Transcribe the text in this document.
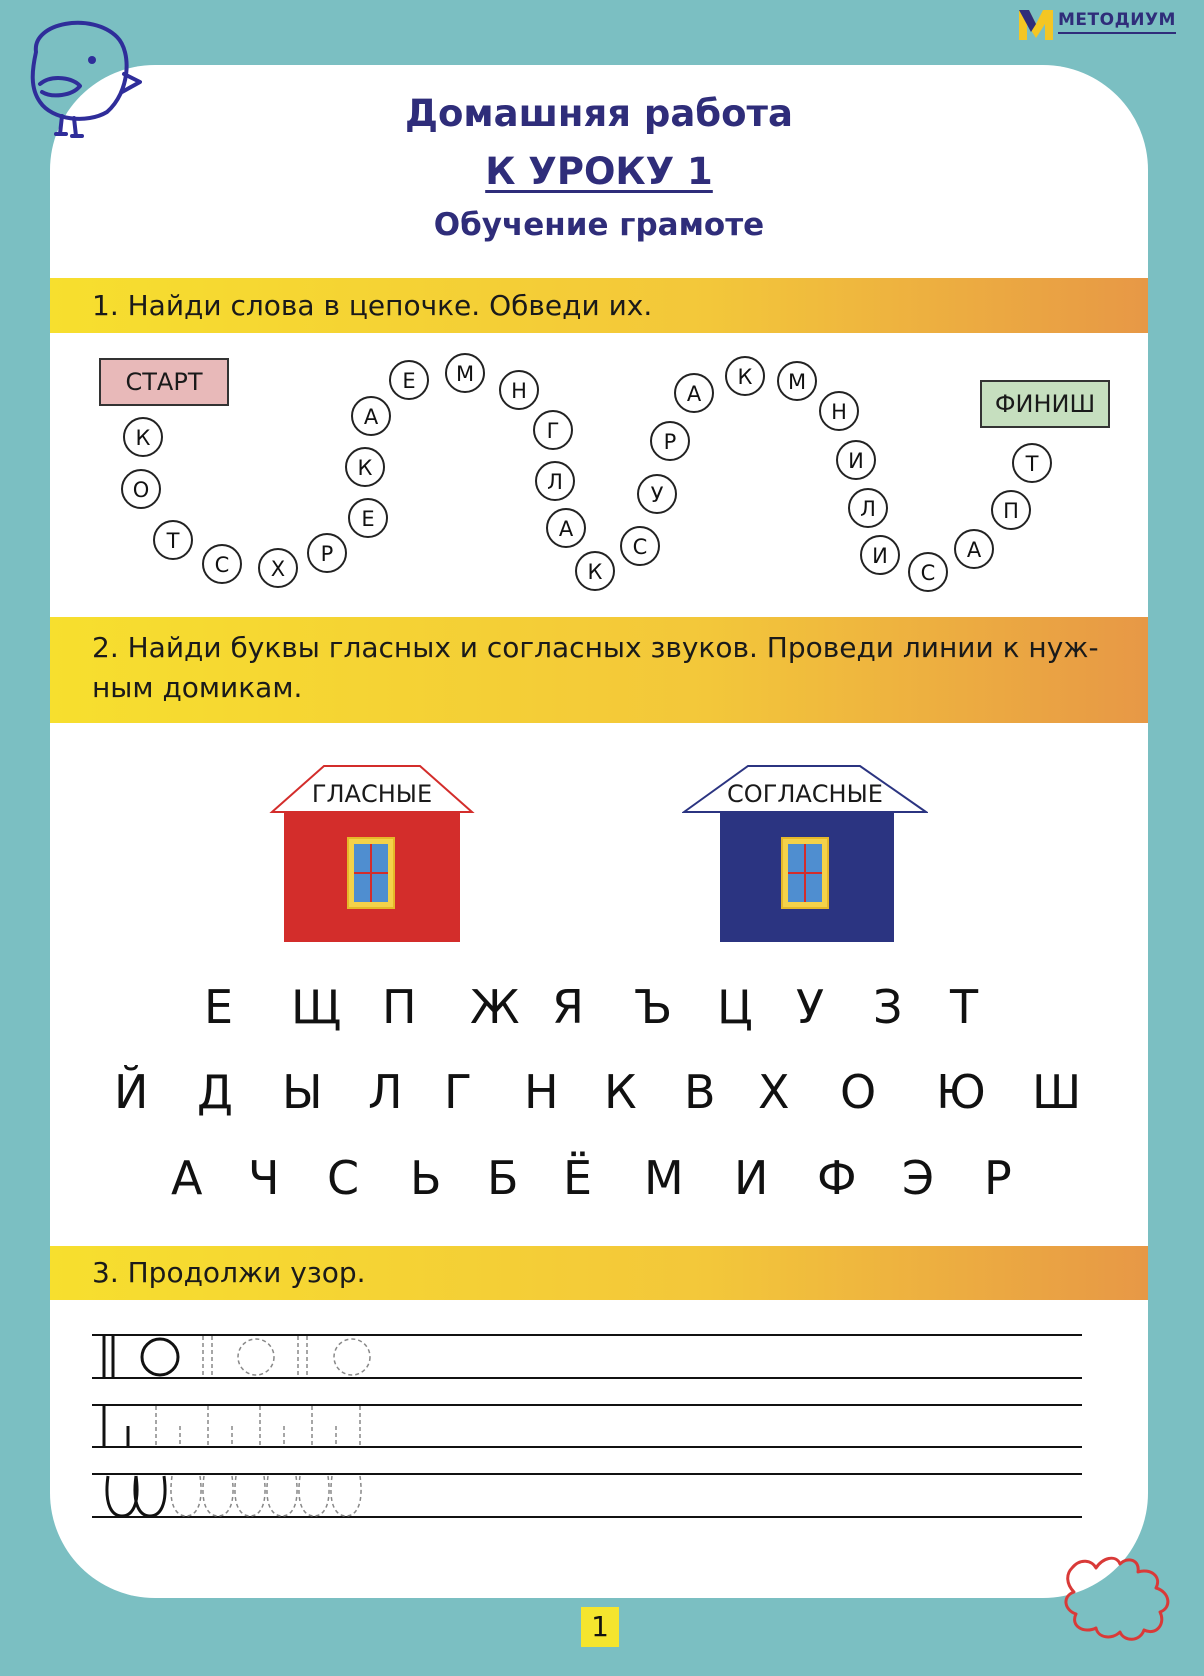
МЕТОДИУМ
Домашняя работа
К УРОКУ 1
Обучение грамоте
1. Найди слова в цепочке. Обведи их.
СТАРТ
ФИНИШ
К
О
Т
С Х
Р
Е
К
А
Е М
Н
Г
Л
А
К
С
У
Р
А
К М
Н
И
Л
И
С
А
П
Т
2. Найди буквы гласных и согласных звуков. Проведи линии к нуж-
ным домикам.
ГЛАСНЫЕ	СОГЛАСНЫЕ
Е Щ П Ж Я Ъ Ц У З Т
Й Д Ы Л Г Н К В Х О Ю Ш
А Ч С Ь Б Ё М И Ф Э Р
3. Продолжи узор.
1
